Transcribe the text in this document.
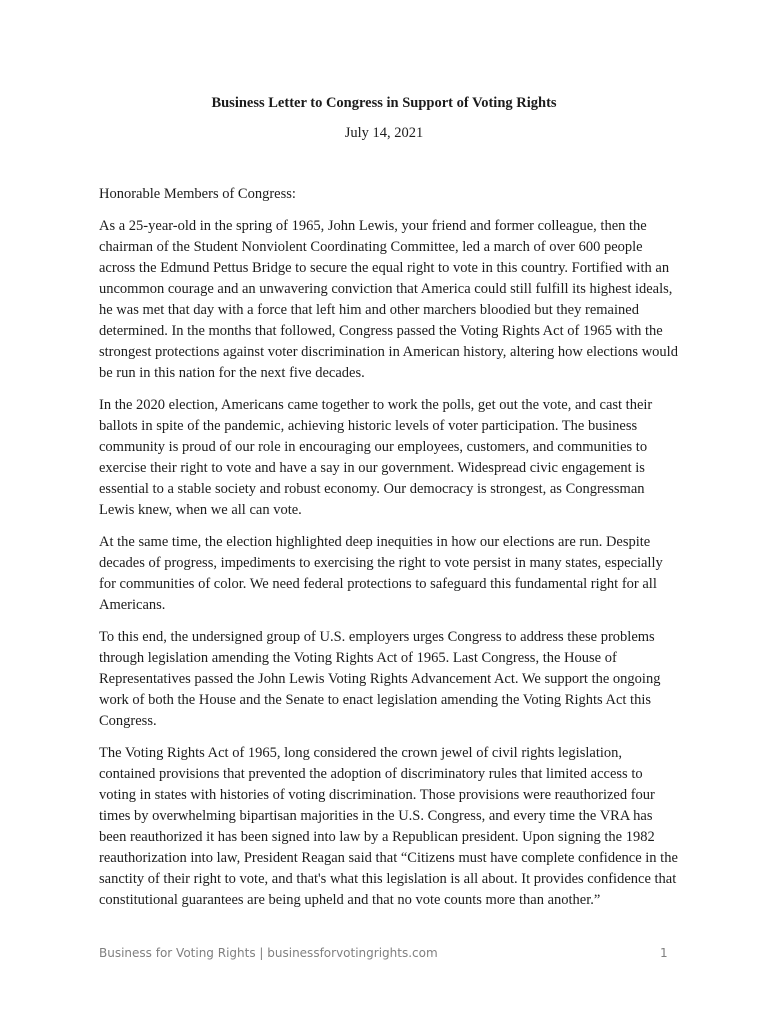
Business Letter to Congress in Support of Voting Rights
July 14, 2021

Honorable Members of Congress:

As a 25-year-old in the spring of 1965, John Lewis, your friend and former colleague, then the chairman of the Student Nonviolent Coordinating Committee, led a march of over 600 people across the Edmund Pettus Bridge to secure the equal right to vote in this country. Fortified with an uncommon courage and an unwavering conviction that America could still fulfill its highest ideals, he was met that day with a force that left him and other marchers bloodied but they remained determined. In the months that followed, Congress passed the Voting Rights Act of 1965 with the strongest protections against voter discrimination in American history, altering how elections would be run in this nation for the next five decades.

In the 2020 election, Americans came together to work the polls, get out the vote, and cast their ballots in spite of the pandemic, achieving historic levels of voter participation. The business community is proud of our role in encouraging our employees, customers, and communities to exercise their right to vote and have a say in our government. Widespread civic engagement is essential to a stable society and robust economy. Our democracy is strongest, as Congressman Lewis knew, when we all can vote.

At the same time, the election highlighted deep inequities in how our elections are run. Despite decades of progress, impediments to exercising the right to vote persist in many states, especially for communities of color. We need federal protections to safeguard this fundamental right for all Americans.

To this end, the undersigned group of U.S. employers urges Congress to address these problems through legislation amending the Voting Rights Act of 1965. Last Congress, the House of Representatives passed the John Lewis Voting Rights Advancement Act. We support the ongoing work of both the House and the Senate to enact legislation amending the Voting Rights Act this Congress.

The Voting Rights Act of 1965, long considered the crown jewel of civil rights legislation, contained provisions that prevented the adoption of discriminatory rules that limited access to voting in states with histories of voting discrimination. Those provisions were reauthorized four times by overwhelming bipartisan majorities in the U.S. Congress, and every time the VRA has been reauthorized it has been signed into law by a Republican president. Upon signing the 1982 reauthorization into law, President Reagan said that “Citizens must have complete confidence in the sanctity of their right to vote, and that's what this legislation is all about. It provides confidence that constitutional guarantees are being upheld and that no vote counts more than another.”

Business for Voting Rights | businessforvotingrights.com	1
